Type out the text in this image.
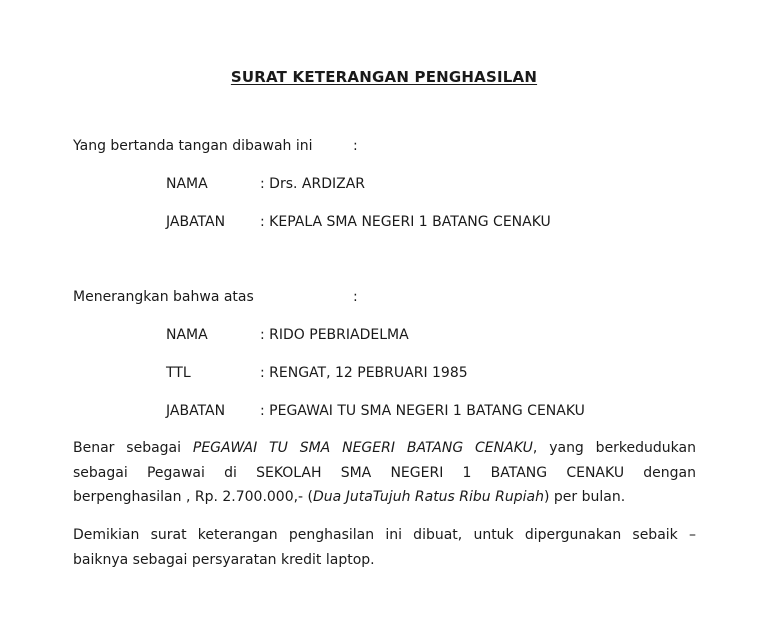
SURAT KETERANGAN PENGHASILAN
Yang bertanda tangan dibawah ini	:
NAMA	: Drs. ARDIZAR
JABATAN : KEPALA SMA NEGERI 1 BATANG CENAKU
Menerangkan bahwa atas	:
NAMA	: RIDO PEBRIADELMA
TTL	: RENGAT, 12 PEBRUARI 1985
JABATAN : PEGAWAI TU SMA NEGERI 1 BATANG CENAKU
Benar sebagai PEGAWAI TU SMA NEGERI BATANG CENAKU, yang berkedudukan
sebagai Pegawai di SEKOLAH SMA NEGERI 1 BATANG CENAKU dengan
berpenghasilan , Rp. 2.700.000,- (Dua JutaTujuh Ratus Ribu Rupiah) per bulan.
Demikian surat keterangan penghasilan ini dibuat, untuk dipergunakan sebaik –
baiknya sebagai persyaratan kredit laptop.
